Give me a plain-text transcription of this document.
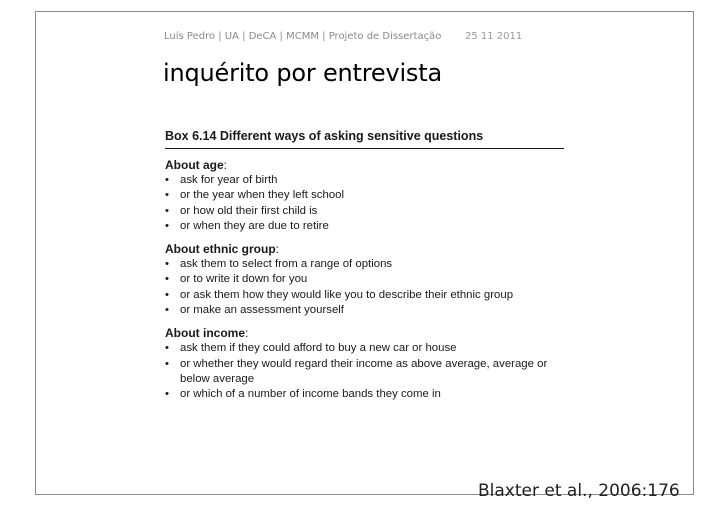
Luís Pedro | UA | DeCA | MCMM | Projeto de Dissertação 25 11 2011
inquérito por entrevista
Box 6.14 Different ways of asking sensitive questions
About age:
• ask for year of birth
• or the year when they left school
• or how old their first child is
• or when they are due to retire
About ethnic group:
• ask them to select from a range of options
• or to write it down for you
• or ask them how they would like you to describe their ethnic group
• or make an assessment yourself
About income:
• ask them if they could afford to buy a new car or house
• or whether they would regard their income as above average, average or below average
• or which of a number of income bands they come in
Blaxter et al., 2006:176
